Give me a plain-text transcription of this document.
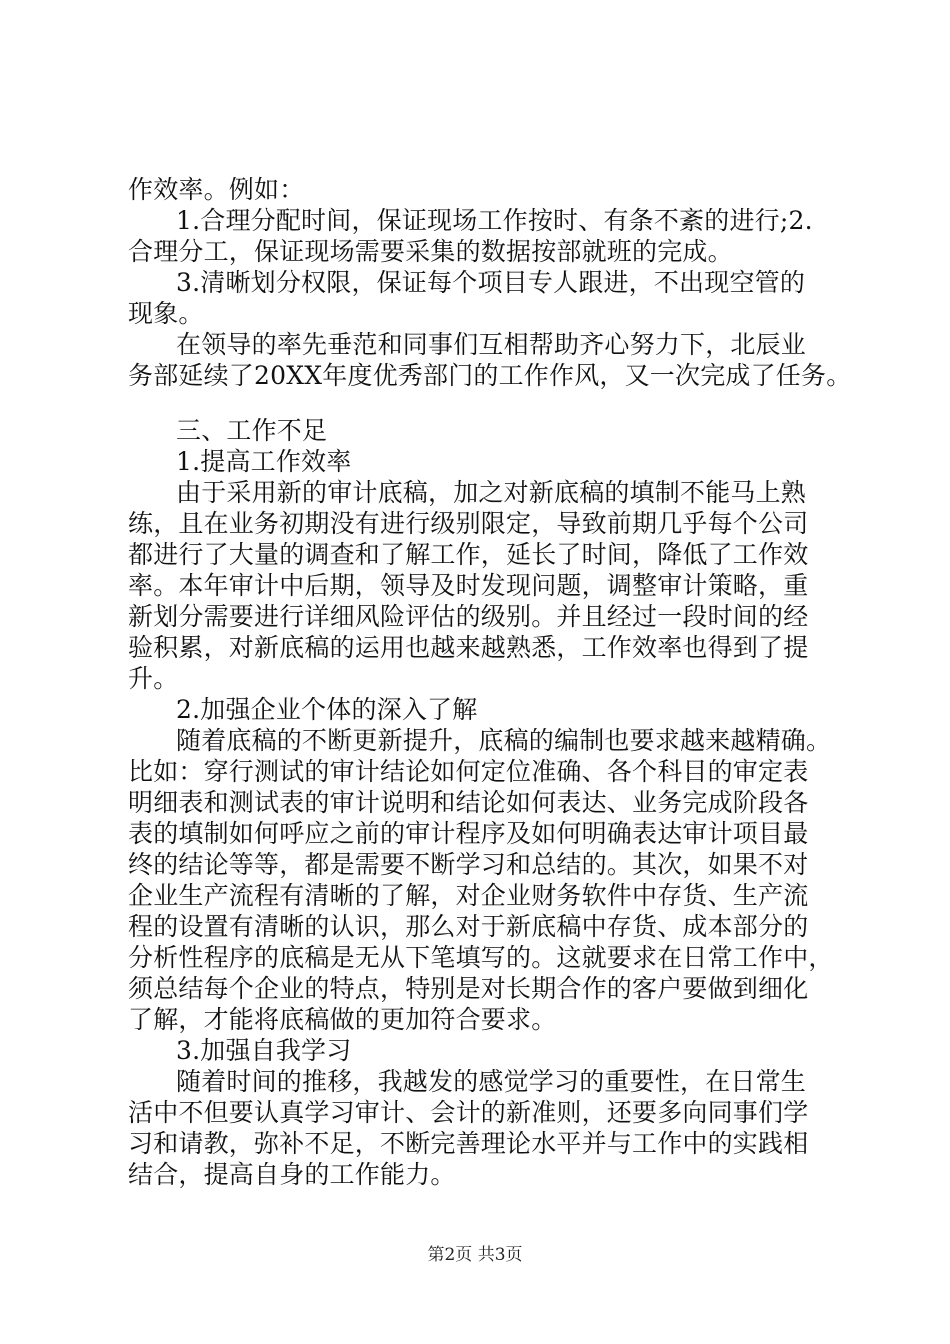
作效率。例如：
1.合理分配时间，保证现场工作按时、有条不紊的进行;2.
合理分工，保证现场需要采集的数据按部就班的完成。
3.清晰划分权限，保证每个项目专人跟进，不出现空管的
现象。
在领导的率先垂范和同事们互相帮助齐心努力下，北辰业
务部延续了20XX年度优秀部门的工作作风，又一次完成了任务。
三、工作不足
1.提高工作效率
由于采用新的审计底稿，加之对新底稿的填制不能马上熟
练，且在业务初期没有进行级别限定，导致前期几乎每个公司
都进行了大量的调查和了解工作，延长了时间，降低了工作效
率。本年审计中后期，领导及时发现问题，调整审计策略，重
新划分需要进行详细风险评估的级别。并且经过一段时间的经
验积累，对新底稿的运用也越来越熟悉，工作效率也得到了提
升。
2.加强企业个体的深入了解
随着底稿的不断更新提升，底稿的编制也要求越来越精确。
比如：穿行测试的审计结论如何定位准确、各个科目的审定表
明细表和测试表的审计说明和结论如何表达、业务完成阶段各
表的填制如何呼应之前的审计程序及如何明确表达审计项目最
终的结论等等，都是需要不断学习和总结的。其次，如果不对
企业生产流程有清晰的了解，对企业财务软件中存货、生产流
程的设置有清晰的认识，那么对于新底稿中存货、成本部分的
分析性程序的底稿是无从下笔填写的。这就要求在日常工作中，
须总结每个企业的特点，特别是对长期合作的客户要做到细化
了解，才能将底稿做的更加符合要求。
3.加强自我学习
随着时间的推移，我越发的感觉学习的重要性，在日常生
活中不但要认真学习审计、会计的新准则，还要多向同事们学
习和请教，弥补不足，不断完善理论水平并与工作中的实践相
结合，提高自身的工作能力。
第2页 共3页
